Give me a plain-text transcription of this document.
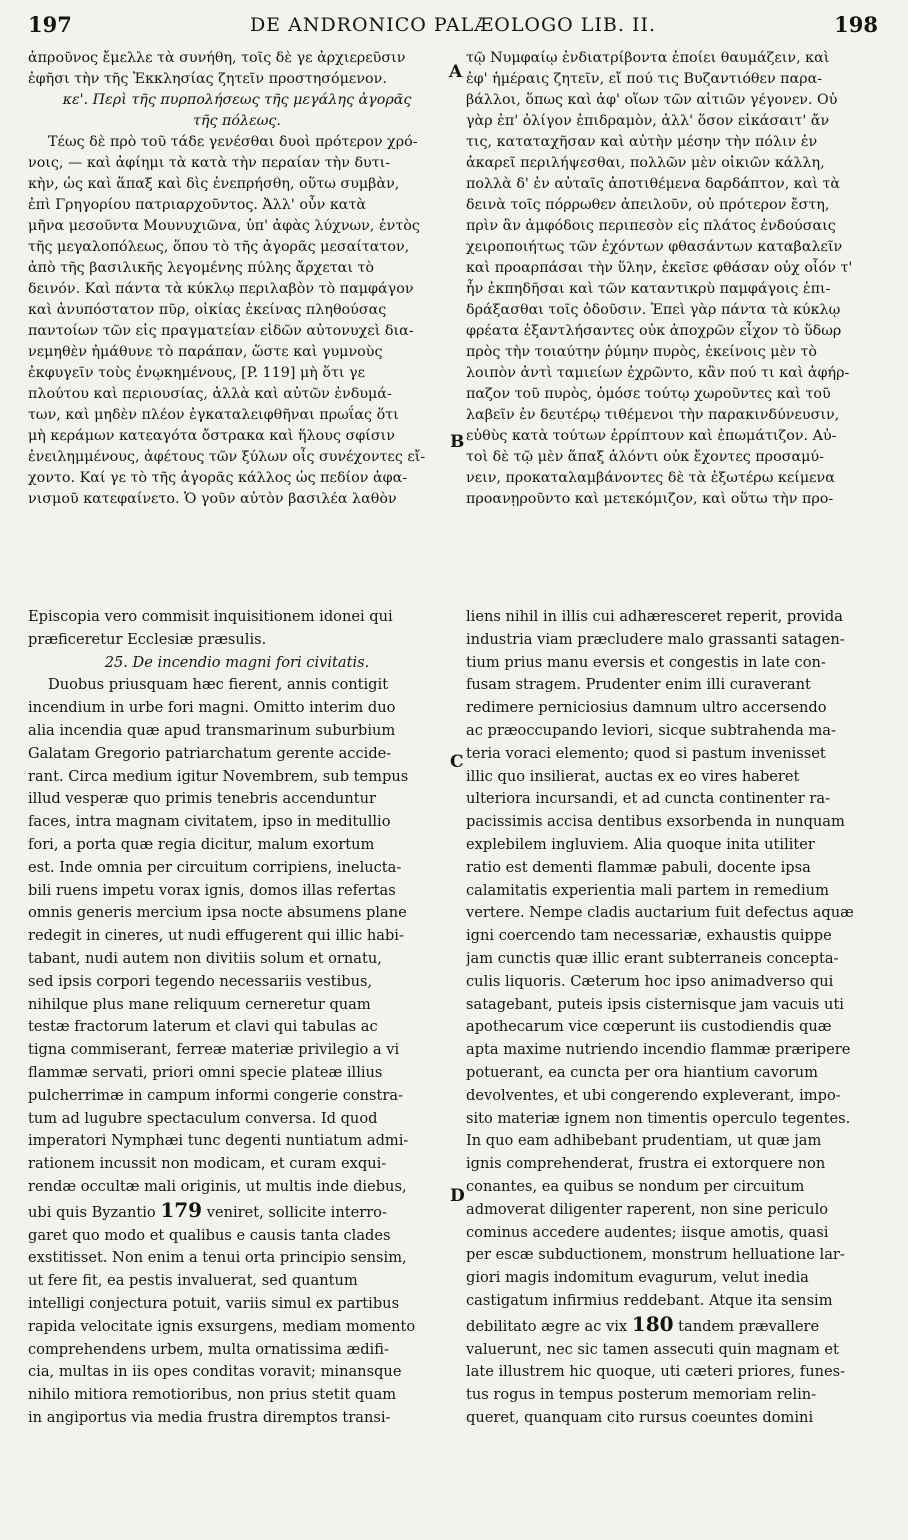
197	DE ANDRONICO PALÆOLOGO LIB. II.	198
ἀπροῦνος ἔμελλε τὰ συνήθη, τοῖς δὲ γε ἀρχιερεῦσιν
ἐφῆσι τὴν τῆς Ἐκκλησίας ζητεῖν προστησόμενον.
κε'. Περὶ τῆς πυρπολήσεως τῆς μεγάλης ἀγορᾶς
τῆς πόλεως.
Τέως δὲ πρὸ τοῦ τάδε γενέσθαι δυοὶ πρότερον χρό-
νοις, — καὶ ἀφίημι τὰ κατὰ τὴν περαίαν τὴν δυτι-
κὴν, ὡς καὶ ἅπαξ καὶ δὶς ἐνεπρήσθη, οὕτω συμβὰν,
ἐπὶ Γρηγορίου πατριαρχοῦντος. Ἀλλ' οὖν κατὰ
μῆνα μεσοῦντα Μουνυχιῶνα, ὑπ' ἀφὰς λύχνων, ἐντὸς
τῆς μεγαλοπόλεως, ὅπου τὸ τῆς ἀγορᾶς μεσαίτατον,
ἀπὸ τῆς βασιλικῆς λεγομένης πύλης ἄρχεται τὸ
δεινόν. Καὶ πάντα τὰ κύκλῳ περιλαβὸν τὸ παμφάγον
καὶ ἀνυπόστατον πῦρ, οἰκίας ἐκείνας πληθούσας
παντοίων τῶν εἰς πραγματείαν εἰδῶν αὐτονυχεὶ δια-
νεμηθὲν ἠμάθυνε τὸ παράπαν, ὥστε καὶ γυμνοὺς
ἐκφυγεῖν τοὺς ἐνῳκημένους, [P. 119] μὴ ὅτι γε
πλούτου καὶ περιουσίας, ἀλλὰ καὶ αὐτῶν ἐνδυμά-
των, καὶ μηδὲν πλέον ἐγκαταλειφθῆναι πρωΐας ὅτι
μὴ κεράμων κατεαγότα ὄστρακα καὶ ἥλους σφίσιν
ἐνειλημμένους, ἀφέτους τῶν ξύλων οἷς συνέχοντες εἴ-
χοντο. Καί γε τὸ τῆς ἀγορᾶς κάλλος ὡς πεδίον ἀφα-
νισμοῦ κατεφαίνετο. Ὁ γοῦν αὐτὸν βασιλέα λαθὸν
τῷ Νυμφαίῳ ἐνδιατρίβοντα ἐποίει θαυμάζειν, καὶ
ἐφ' ἡμέραις ζητεῖν, εἴ πού τις Βυζαντιόθεν παρα-
βάλλοι, ὅπως καὶ ἀφ' οἵων τῶν αἰτιῶν γέγονεν. Οὐ
γὰρ ἐπ' ὀλίγον ἐπιδραμὸν, ἀλλ' ὅσον εἰκάσαιτ' ἄν
τις, καταταχῆσαν καὶ αὐτὴν μέσην τὴν πόλιν ἐν
ἀκαρεῖ περιλήψεσθαι, πολλῶν μὲν οἰκιῶν κάλλη,
πολλὰ δ' ἐν αὐταῖς ἀποτιθέμενα δαρδάπτον, καὶ τὰ
δεινὰ τοῖς πόρρωθεν ἀπειλοῦν, οὐ πρότερον ἔστη,
πρὶν ἂν ἀμφόδοις περιπεσὸν εἰς πλάτος ἐνδούσαις
χειροποιήτως τῶν ἐχόντων φθασάντων καταβαλεῖν
καὶ προαρπάσαι τὴν ὕλην, ἐκεῖσε φθάσαν οὐχ οἷόν τ'
ἦν ἐκπηδῆσαι καὶ τῶν καταντικρὺ παμφάγοις ἐπι-
δράξασθαι τοῖς ὀδοῦσιν. Ἐπεὶ γὰρ πάντα τὰ κύκλῳ
φρέατα ἐξαντλήσαντες οὐκ ἀποχρῶν εἶχον τὸ ὕδωρ
πρὸς τὴν τοιαύτην ῥύμην πυρὸς, ἐκείνοις μὲν τὸ
λοιπὸν ἀντὶ ταμιείων ἐχρῶντο, κἂν πού τι καὶ ἀφήρ-
παζον τοῦ πυρὸς, ὁμόσε τούτῳ χωροῦντες καὶ τοῦ
λαβεῖν ἐν δευτέρῳ τιθέμενοι τὴν παρακινδύνευσιν,
εὐθὺς κατὰ τούτων ἐρρίπτουν καὶ ἐπωμάτιζον. Αὐ-
τοὶ δὲ τῷ μὲν ἅπαξ ἁλόντι οὐκ ἔχοντες προσαμύ-
νειν, προκαταλαμβάνοντες δὲ τὰ ἐξωτέρω κείμενα
προανῃροῦντο καὶ μετεκόμιζον, καὶ οὕτω τὴν προ-
Episcopia vero commisit inquisitionem idonei qui
præficeretur Ecclesiæ præsulis.
25. De incendio magni fori civitatis.
Duobus priusquam hæc fierent, annis contigit
incendium in urbe fori magni. Omitto interim duo
alia incendia quæ apud transmarinum suburbium
Galatam Gregorio patriarchatum gerente accide-
rant. Circa medium igitur Novembrem, sub tempus
illud vesperæ quo primis tenebris accenduntur
faces, intra magnam civitatem, ipso in meditullio
fori, a porta quæ regia dicitur, malum exortum
est. Inde omnia per circuitum corripiens, ineluctа-
bili ruens impetu vorax ignis, domos illas refertas
omnis generis mercium ipsa nocte absumens plane
redegit in cineres, ut nudi effugerent qui illic habi-
tabant, nudi autem non divitiis solum et ornatu,
sed ipsis corpori tegendo necessariis vestibus,
nihilque plus mane reliquum cerneretur quam
testæ fractorum laterum et clavi qui tabulas ac
tigna commiserant, ferreæ materiæ privilegio a vi
flammæ servati, priori omni specie plateæ illius
pulcherrimæ in campum informi congerie constra-
tum ad lugubre spectaculum conversa. Id quod
imperatori Nymphæi tunc degenti nuntiatum admi-
rationem incussit non modicam, et curam exqui-
rendæ occultæ mali originis, ut multis inde diebus,
ubi quis Byzantio 179 veniret, sollicite interro-
garet quo modo et qualibus e causis tanta clades
exstitisset. Non enim a tenui orta principio sensim,
ut fere fit, ea pestis invaluerat, sed quantum
intelligi conjectura potuit, variis simul ex partibus
rapida velocitate ignis exsurgens, mediam momento
comprehendens urbem, multa ornatissima ædifi-
cia, multas in iis opes conditas voravit; minansque
nihilo mitiora remotioribus, non prius stetit quam
in angiportus via media frustra diremptos transi-
liens nihil in illis cui adhæresceret reperit, provida
industria viam præcludere malo grassanti satagen-
tium prius manu eversis et congestis in late con-
fusam stragem. Prudenter enim illi curaverant
redimere perniciosius damnum ultro accersendo
ac præoccupando leviori, sicque subtrahenda ma-
teria voraci elemento; quod si pastum invenisset
illic quo insilierat, auctas ex eo vires haberet
ulteriora incursandi, et ad cuncta continenter ra-
pacissimis accisa dentibus exsorbenda in nunquam
explebilem ingluviem. Alia quoque inita utiliter
ratio est dementi flammæ pabuli, docente ipsa
calamitatis experientia mali partem in remedium
vertere. Nempe cladis auctarium fuit defectus aquæ
igni coercendo tam necessariæ, exhaustis quippe
jam cunctis quæ illic erant subterraneis concepta-
culis liquoris. Cæterum hoc ipso animadverso qui
satagebant, puteis ipsis cisternisque jam vacuis uti
apothecarum vice cœperunt iis custodiendis quæ
apta maxime nutriendo incendio flammæ præripere
potuerant, ea cuncta per ora hiantium cavorum
devolventes, et ubi congerendo expleverant, impo-
sito materiæ ignem non timentis operculo tegentes.
In quo eam adhibebant prudentiam, ut quæ jam
ignis comprehenderat, frustra ei extorquere non
conantes, ea quibus se nondum per circuitum
admoverat diligenter raperent, non sine periculo
cominus accedere audentes; iisque amotis, quasi
per escæ subductionem, monstrum helluatione lar-
giori magis indomitum evagurum, velut inedia
castigatum infirmius reddebant. Atque ita sensim
debilitato ægre ac vix 180 tandem prævallere
valuerunt, nec sic tamen assecuti quin magnam et
late illustrem hic quoque, uti cæteri priores, funes-
tus rogus in tempus posterum memoriam relin-
queret, quanquam cito rursus coeuntes domini
A
B
C
D
